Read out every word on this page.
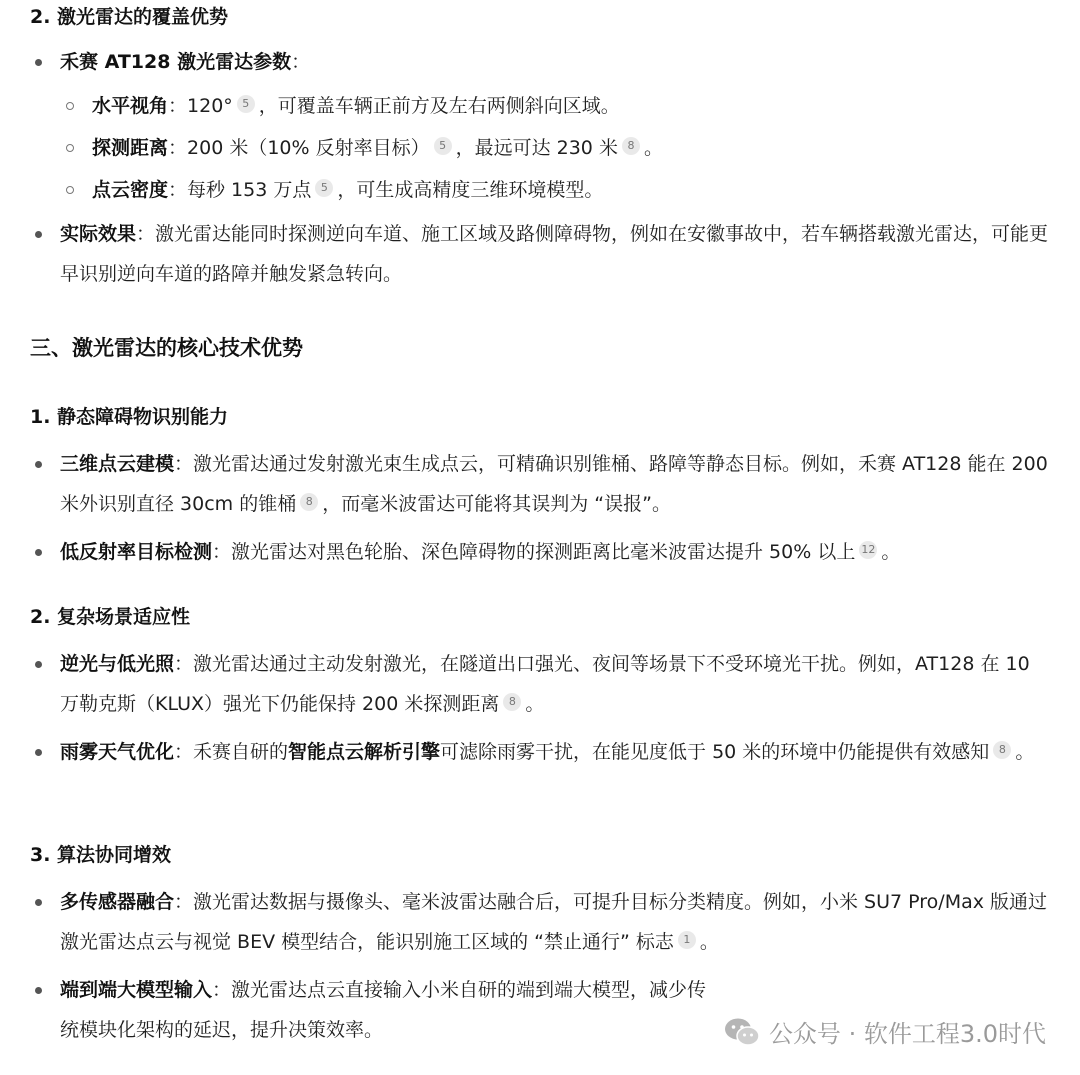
2. 激光雷达的覆盖优势
禾赛 AT128 激光雷达参数：
水平视角：120° 5 ，可覆盖车辆正前方及左右两侧斜向区域。
探测距离：200 米（10% 反射率目标） 5 ，最远可达 230 米 8 。
点云密度：每秒 153 万点 5 ，可生成高精度三维环境模型。
实际效果：激光雷达能同时探测逆向车道、施工区域及路侧障碍物，例如在安徽事故中，若车辆搭载激光雷达，可能更早识别逆向车道的路障并触发紧急转向。
三、激光雷达的核心技术优势
1. 静态障碍物识别能力
三维点云建模：激光雷达通过发射激光束生成点云，可精确识别锥桶、路障等静态目标。例如，禾赛 AT128 能在 200 米外识别直径 30cm 的锥桶 8 ，而毫米波雷达可能将其误判为 “误报”。
低反射率目标检测：激光雷达对黑色轮胎、深色障碍物的探测距离比毫米波雷达提升 50% 以上 12 。
2. 复杂场景适应性
逆光与低光照：激光雷达通过主动发射激光，在隧道出口强光、夜间等场景下不受环境光干扰。例如，AT128 在 10 万勒克斯（KLUX）强光下仍能保持 200 米探测距离 8 。
雨雾天气优化：禾赛自研的智能点云解析引擎可滤除雨雾干扰，在能见度低于 50 米的环境中仍能提供有效感知 8 。
3. 算法协同增效
多传感器融合：激光雷达数据与摄像头、毫米波雷达融合后，可提升目标分类精度。例如，小米 SU7 Pro/Max 版通过激光雷达点云与视觉 BEV 模型结合，能识别施工区域的 “禁止通行” 标志 1 。
端到端大模型输入：激光雷达点云直接输入小米自研的端到端大模型，减少传统模块化架构的延迟，提升决策效率。	公众号 · 软件工程3.0时代
